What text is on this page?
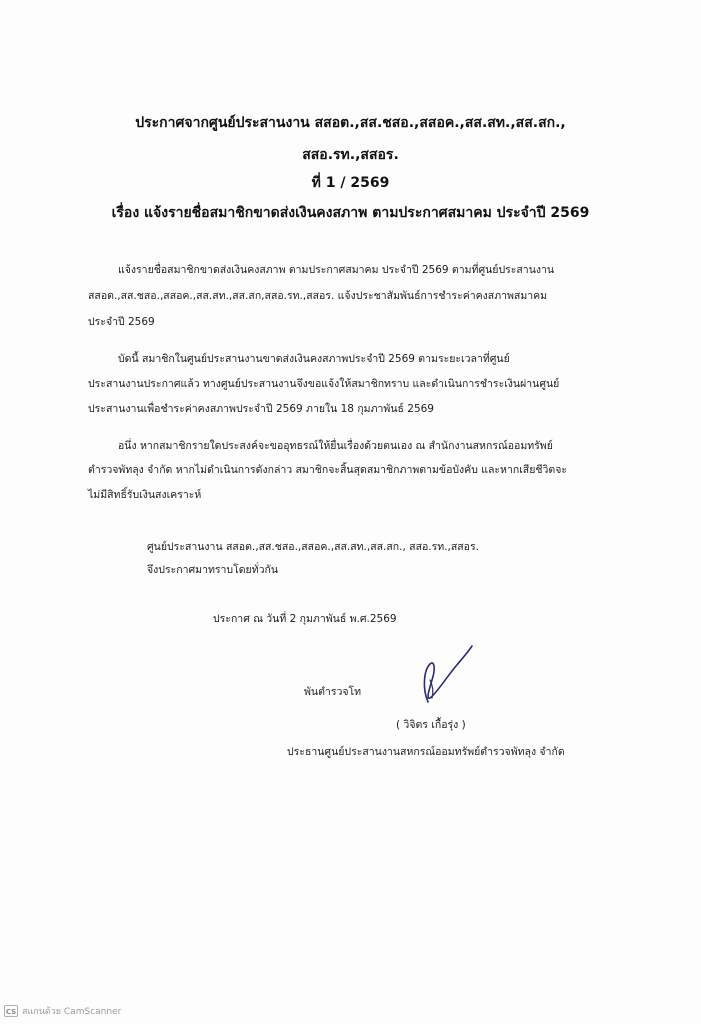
ประกาศจากศูนย์ประสานงาน สสอต.,สส.ชสอ.,สสอค.,สส.สท.,สส.สก.,
สสอ.รท.,สสอร.
ที่ 1 / 2569
เรื่อง แจ้งรายชื่อสมาชิกขาดส่งเงินคงสภาพ ตามประกาศสมาคม ประจำปี 2569
แจ้งรายชื่อสมาชิกขาดส่งเงินคงสภาพ ตามประกาศสมาคม ประจำปี 2569 ตามที่ศูนย์ประสานงาน
สสอต.,สส.ชสอ.,สสอค.,สส.สท.,สส.สก,สสอ.รท.,สสอร. แจ้งประชาสัมพันธ์การชำระค่าคงสภาพสมาคม
ประจำปี 2569
บัดนี้ สมาชิกในศูนย์ประสานงานขาดส่งเงินคงสภาพประจำปี 2569 ตามระยะเวลาที่ศูนย์
ประสานงานประกาศแล้ว ทางศูนย์ประสานงานจึงขอแจ้งให้สมาชิกทราบ และดำเนินการชำระเงินผ่านศูนย์
ประสานงานเพื่อชำระค่าคงสภาพประจำปี 2569 ภายใน 18 กุมภาพันธ์ 2569
อนึ่ง หากสมาชิกรายใดประสงค์จะขออุทธรณ์ให้ยื่นเรื่องด้วยตนเอง ณ สำนักงานสหกรณ์ออมทรัพย์
ตำรวจพัทลุง จำกัด หากไม่ดำเนินการดังกล่าว สมาชิกจะสิ้นสุดสมาชิกภาพตามข้อบังคับ และหากเสียชีวิตจะ
ไม่มีสิทธิ์รับเงินสงเคราะห์
ศูนย์ประสานงาน สสอต.,สส.ชสอ.,สสอค.,สส.สท.,สส.สก., สสอ.รท.,สสอร.
จึงประกาศมาทราบโดยทั่วกัน
ประกาศ ณ วันที่ 2 กุมภาพันธ์ พ.ศ.2569
พันตำรวจโท
( วิจิตร เกื้อรุ่ง )
ประธานศูนย์ประสานงานสหกรณ์ออมทรัพย์ตำรวจพัทลุง จำกัด
CS สแกนด้วย CamScanner
